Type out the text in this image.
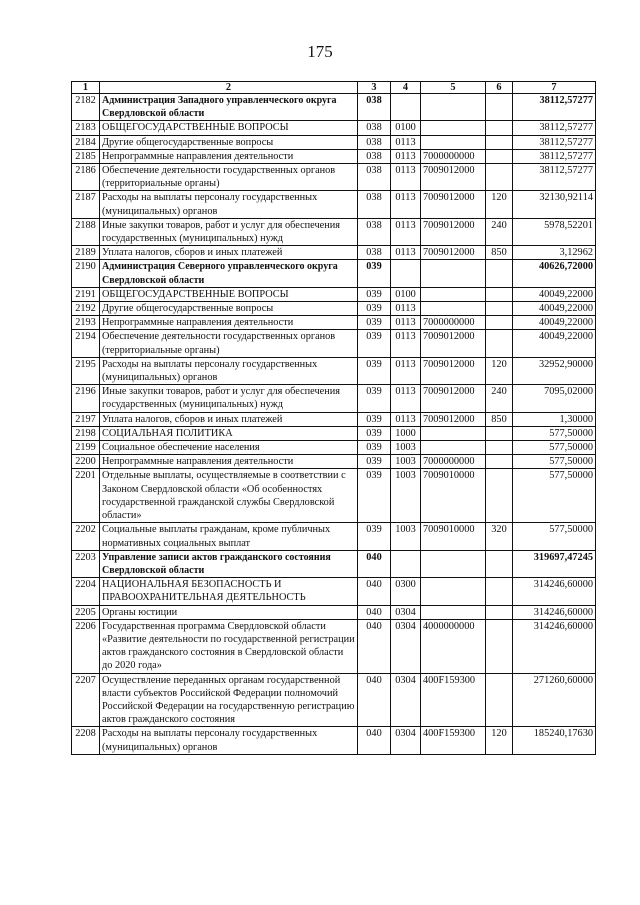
175
1	2	3	4	5	6	7
2182	Администрация Западного управленческого округа Свердловской области	038				38112,57277
2183	ОБЩЕГОСУДАРСТВЕННЫЕ ВОПРОСЫ	038	0100			38112,57277
2184	Другие общегосударственные вопросы	038	0113			38112,57277
2185	Непрограммные направления деятельности	038	0113	7000000000		38112,57277
2186	Обеспечение деятельности государственных органов (территориальные органы)	038	0113	7009012000		38112,57277
2187	Расходы на выплаты персоналу государственных (муниципальных) органов	038	0113	7009012000	120	32130,92114
2188	Иные закупки товаров, работ и услуг для обеспечения государственных (муниципальных) нужд	038	0113	7009012000	240	5978,52201
2189	Уплата налогов, сборов и иных платежей	038	0113	7009012000	850	3,12962
2190	Администрация Северного управленческого округа Свердловской области	039				40626,72000
2191	ОБЩЕГОСУДАРСТВЕННЫЕ ВОПРОСЫ	039	0100			40049,22000
2192	Другие общегосударственные вопросы	039	0113			40049,22000
2193	Непрограммные направления деятельности	039	0113	7000000000		40049,22000
2194	Обеспечение деятельности государственных органов (территориальные органы)	039	0113	7009012000		40049,22000
2195	Расходы на выплаты персоналу государственных (муниципальных) органов	039	0113	7009012000	120	32952,90000
2196	Иные закупки товаров, работ и услуг для обеспечения государственных (муниципальных) нужд	039	0113	7009012000	240	7095,02000
2197	Уплата налогов, сборов и иных платежей	039	0113	7009012000	850	1,30000
2198	СОЦИАЛЬНАЯ ПОЛИТИКА	039	1000			577,50000
2199	Социальное обеспечение населения	039	1003			577,50000
2200	Непрограммные направления деятельности	039	1003	7000000000		577,50000
2201	Отдельные выплаты, осуществляемые в соответствии с Законом Свердловской области «Об особенностях государственной гражданской службы Свердловской области»	039	1003	7009010000		577,50000
2202	Социальные выплаты гражданам, кроме публичных нормативных социальных выплат	039	1003	7009010000	320	577,50000
2203	Управление записи актов гражданского состояния Свердловской области	040				319697,47245
2204	НАЦИОНАЛЬНАЯ БЕЗОПАСНОСТЬ И ПРАВООХРАНИТЕЛЬНАЯ ДЕЯТЕЛЬНОСТЬ	040	0300			314246,60000
2205	Органы юстиции	040	0304			314246,60000
2206	Государственная программа Свердловской области «Развитие деятельности по государственной регистрации актов гражданского состояния в Свердловской области до 2020 года»	040	0304	4000000000		314246,60000
2207	Осуществление переданных органам государственной власти субъектов Российской Федерации полномочий Российской Федерации на государственную регистрацию актов гражданского состояния	040	0304	400F159300		271260,60000
2208	Расходы на выплаты персоналу государственных (муниципальных) органов	040	0304	400F159300	120	185240,17630
